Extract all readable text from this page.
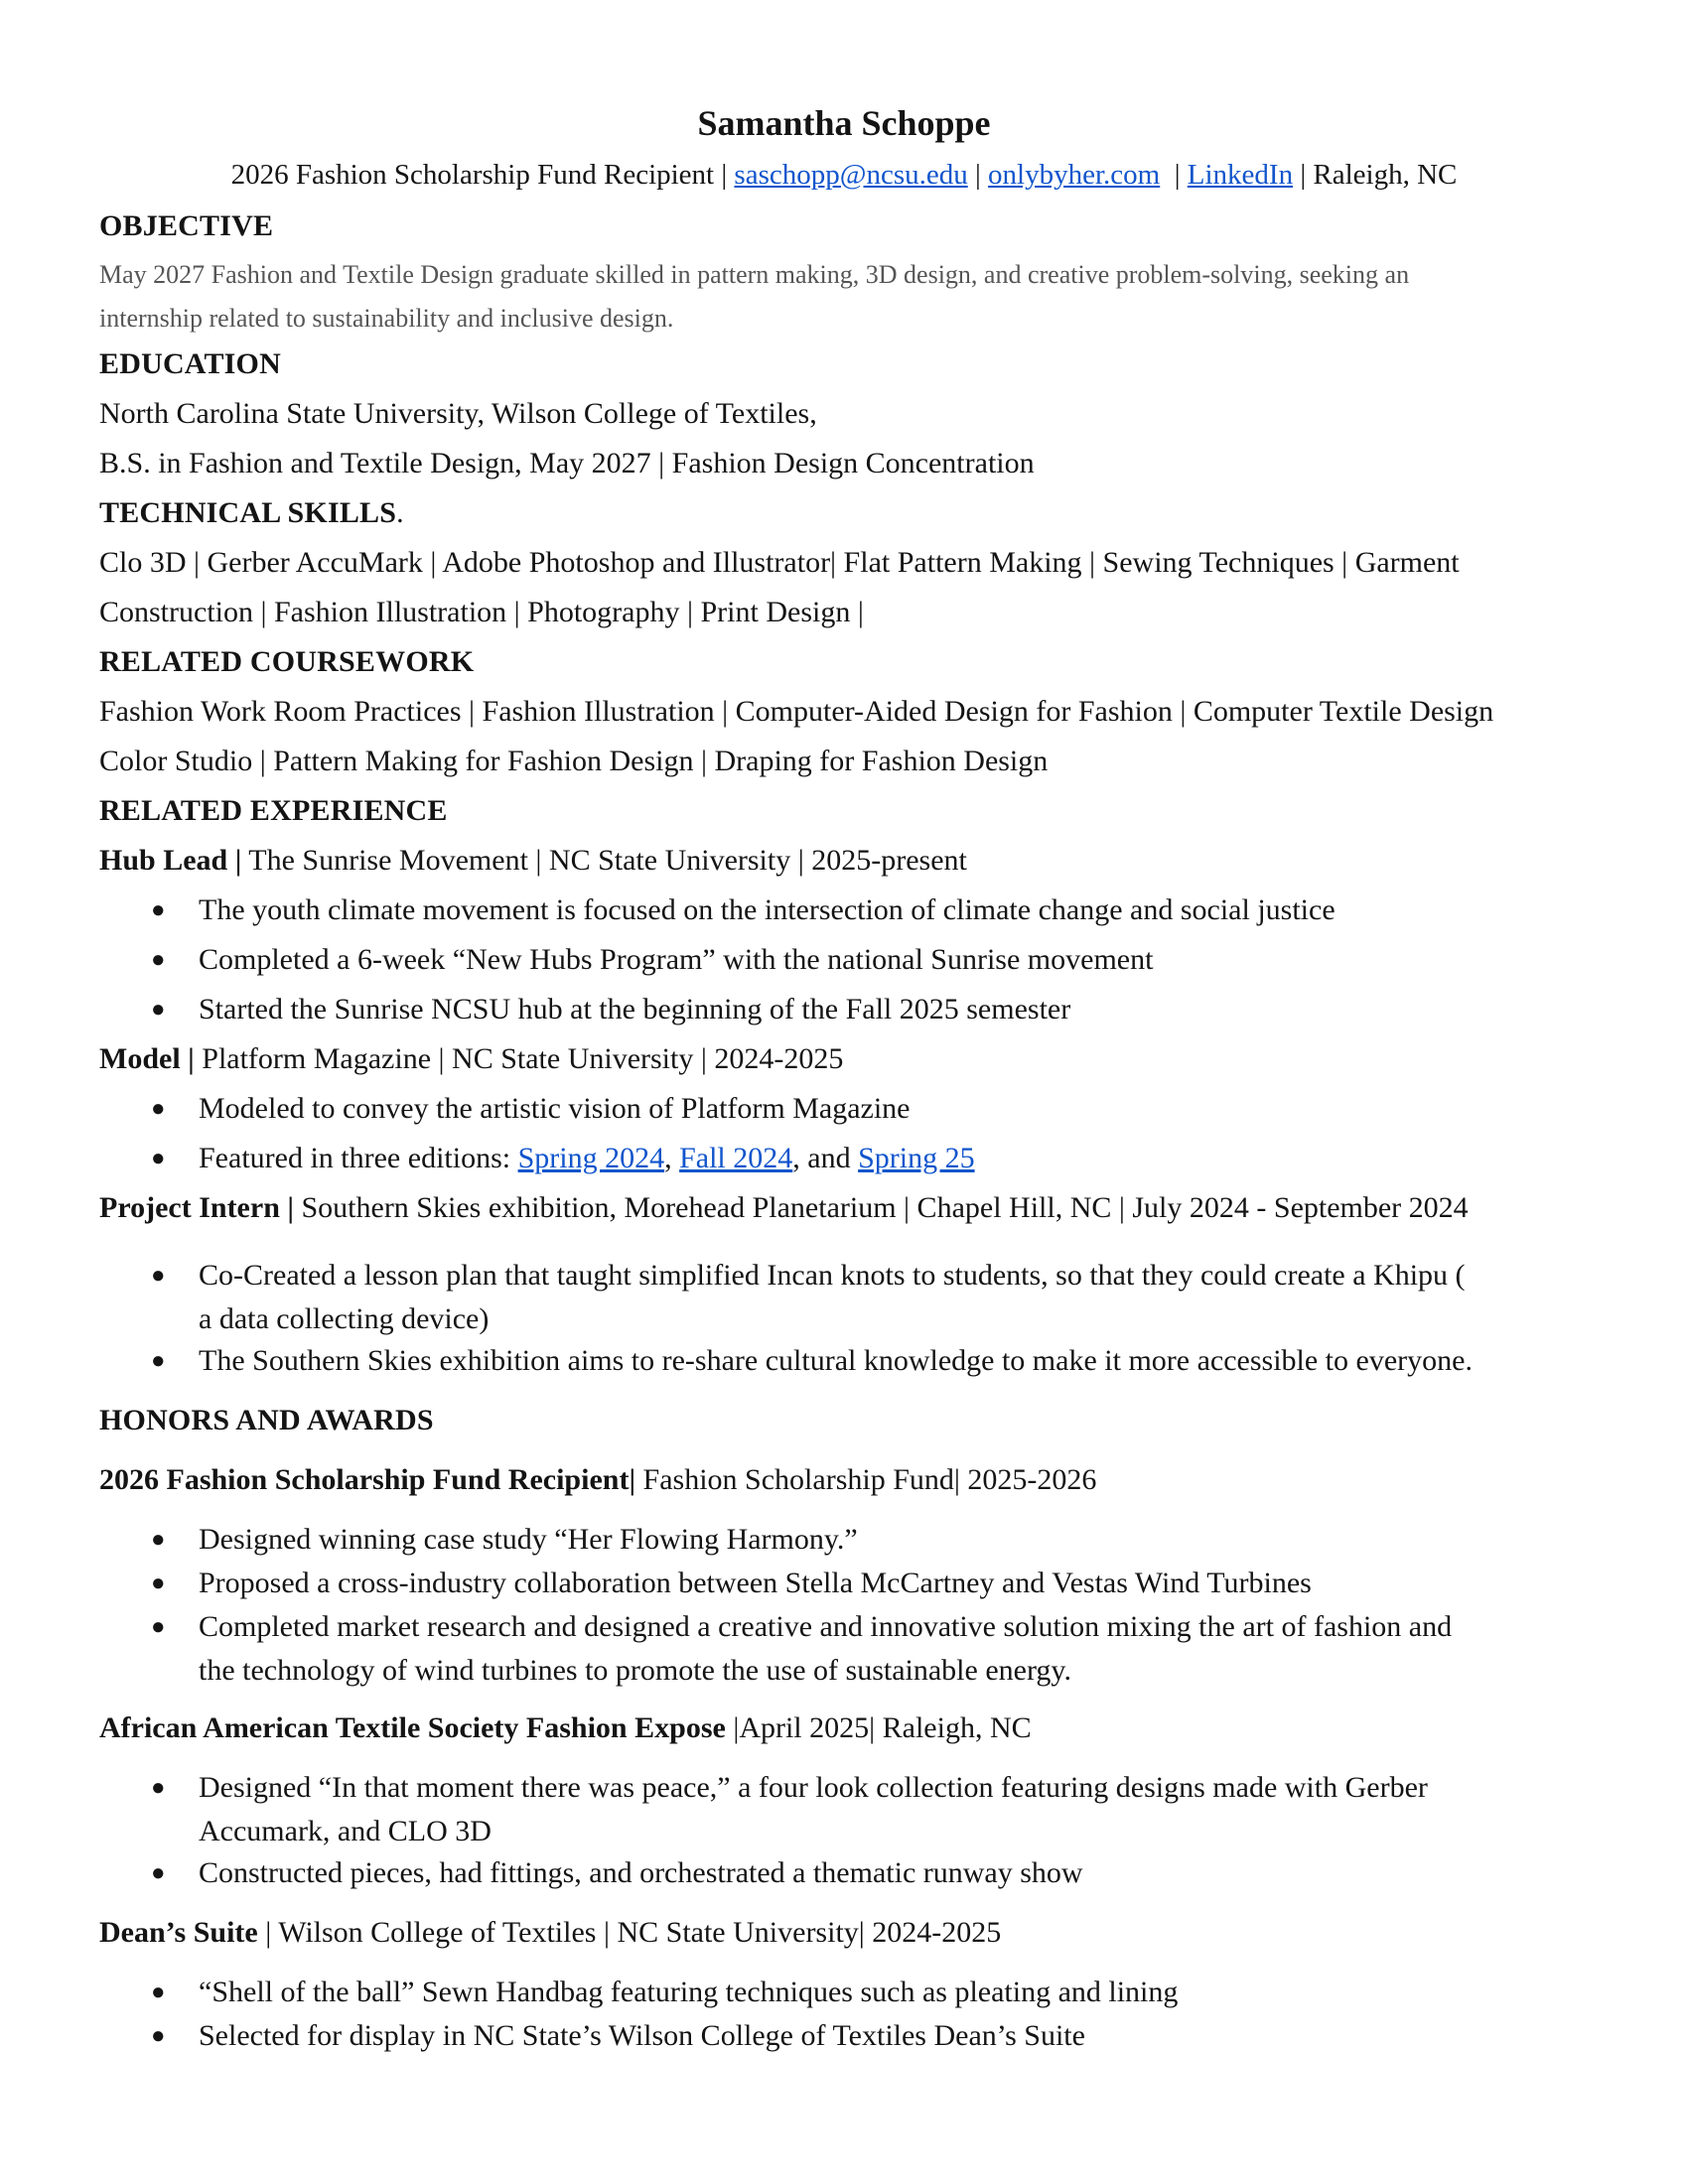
Samantha Schoppe
2026 Fashion Scholarship Fund Recipient | saschopp@ncsu.edu | onlybyher.com  | LinkedIn | Raleigh, NC
OBJECTIVE
May 2027 Fashion and Textile Design graduate skilled in pattern making, 3D design, and creative problem-solving, seeking an
internship related to sustainability and inclusive design.
EDUCATION
North Carolina State University, Wilson College of Textiles,
B.S. in Fashion and Textile Design, May 2027 | Fashion Design Concentration
TECHNICAL SKILLS.
Clo 3D | Gerber AccuMark | Adobe Photoshop and Illustrator| Flat Pattern Making | Sewing Techniques | Garment
Construction | Fashion Illustration | Photography | Print Design |
RELATED COURSEWORK
Fashion Work Room Practices | Fashion Illustration | Computer-Aided Design for Fashion | Computer Textile Design
Color Studio | Pattern Making for Fashion Design | Draping for Fashion Design
RELATED EXPERIENCE
Hub Lead | The Sunrise Movement | NC State University | 2025-present
● The youth climate movement is focused on the intersection of climate change and social justice
● Completed a 6-week “New Hubs Program” with the national Sunrise movement
● Started the Sunrise NCSU hub at the beginning of the Fall 2025 semester
Model | Platform Magazine | NC State University | 2024-2025
● Modeled to convey the artistic vision of Platform Magazine
● Featured in three editions: Spring 2024, Fall 2024, and Spring 25
Project Intern | Southern Skies exhibition, Morehead Planetarium | Chapel Hill, NC | July 2024 - September 2024
● Co-Created a lesson plan that taught simplified Incan knots to students, so that they could create a Khipu (
a data collecting device)
● The Southern Skies exhibition aims to re-share cultural knowledge to make it more accessible to everyone.
HONORS AND AWARDS
2026 Fashion Scholarship Fund Recipient| Fashion Scholarship Fund| 2025-2026
● Designed winning case study “Her Flowing Harmony.”
● Proposed a cross-industry collaboration between Stella McCartney and Vestas Wind Turbines
● Completed market research and designed a creative and innovative solution mixing the art of fashion and
the technology of wind turbines to promote the use of sustainable energy.
African American Textile Society Fashion Expose |April 2025| Raleigh, NC
● Designed “In that moment there was peace,” a four look collection featuring designs made with Gerber
Accumark, and CLO 3D
● Constructed pieces, had fittings, and orchestrated a thematic runway show
Dean’s Suite | Wilson College of Textiles | NC State University| 2024-2025
● “Shell of the ball” Sewn Handbag featuring techniques such as pleating and lining
● Selected for display in NC State’s Wilson College of Textiles Dean’s Suite
